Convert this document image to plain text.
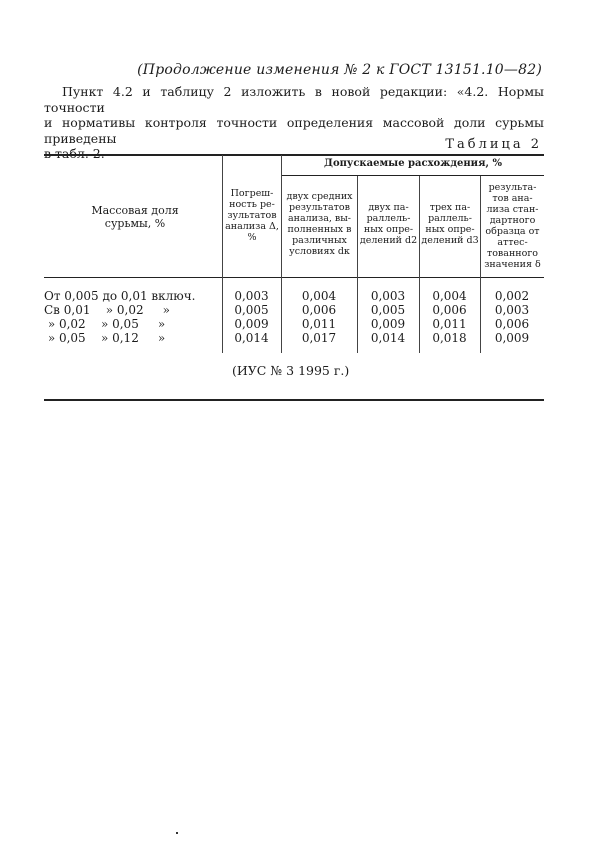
(Продолжение изменения № 2 к ГОСТ 13151.10—82)
Пункт 4.2 и таблицу 2 изложить в новой редакции: «4.2. Нормы точности
и нормативы контроля точности определения массовой доли сурьмы приведены
в табл. 2.
Таблица 2
Массовая доля сурьмы, %
Погреш-ность ре-зультатов анализа Δ, %
Допускаемые расхождения, %
двух средних результатов анализа, вы-полненных в различных условиях dк
двух па-раллель-ных опре-делений d2
трех па-раллель-ных опре-делений d3
результа-тов ана-лиза стан-дартного образца от аттес-тованного значения δ
От 0,005 до 0,01 включ.
Св 0,01    » 0,02     »
» 0,02    » 0,05     »
» 0,05    » 0,12     »
0,003
0,005
0,009
0,014
0,004
0,006
0,011
0,017
0,003
0,005
0,009
0,014
0,004
0,006
0,011
0,018
0,002
0,003
0,006
0,009
(ИУС № 3 1995 г.)
